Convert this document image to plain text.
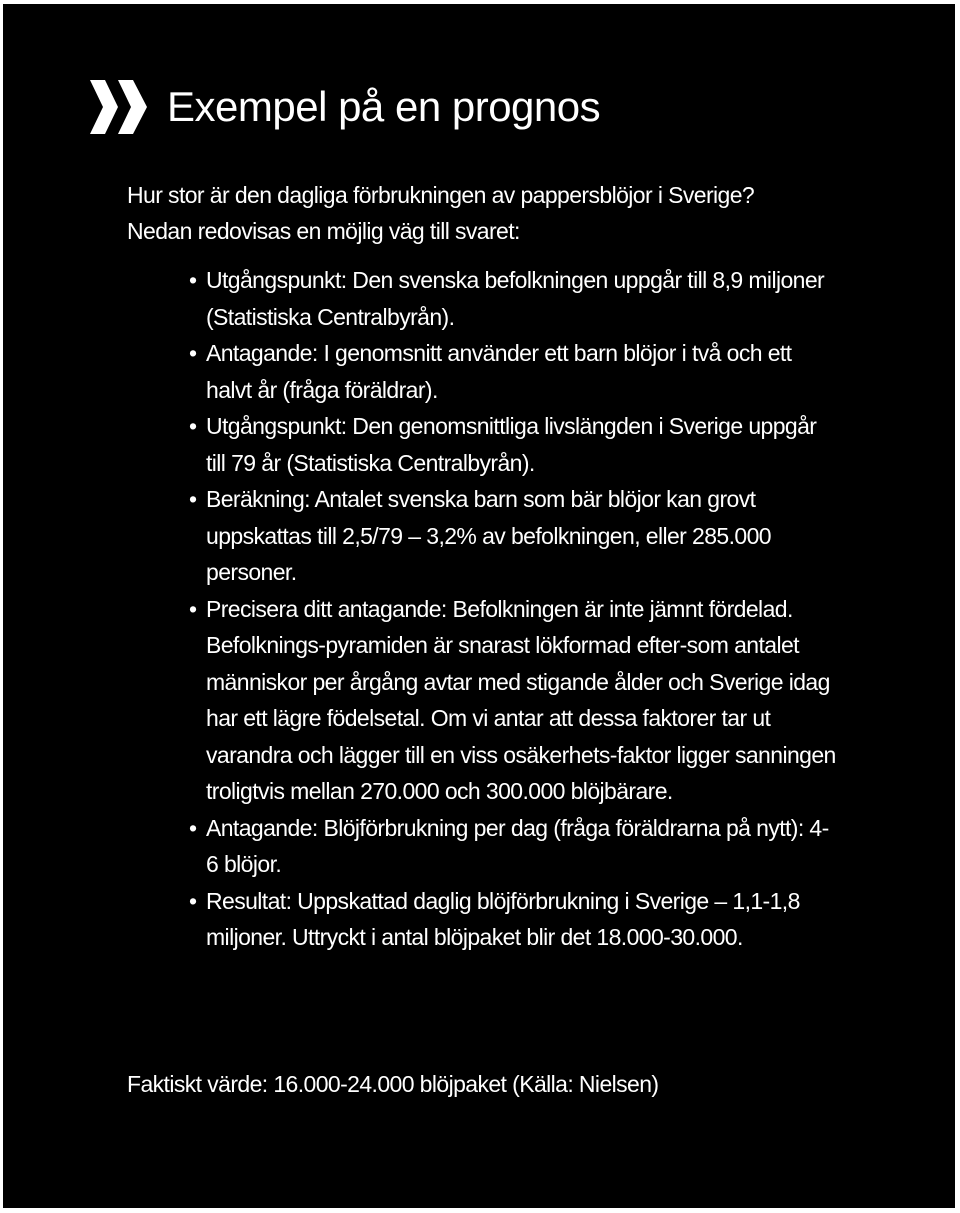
Exempel på en prognos

Hur stor är den dagliga förbrukningen av pappersblöjor i Sverige?

Nedan redovisas en möjlig väg till svaret:

• Utgångspunkt: Den svenska befolkningen uppgår till 8,9 miljoner (Statistiska Centralbyrån).
• Antagande: I genomsnitt använder ett barn blöjor i två och ett halvt år (fråga föräldrar).
• Utgångspunkt: Den genomsnittliga livslängden i Sverige uppgår till 79 år (Statistiska Centralbyrån).
• Beräkning: Antalet svenska barn som bär blöjor kan grovt uppskattas till 2,5/79 – 3,2% av befolkningen, eller 285.000 personer.
• Precisera ditt antagande: Befolkningen är inte jämnt fördelad. Befolknings-pyramiden är snarast lökformad efter-som antalet människor per årgång avtar med stigande ålder och Sverige idag har ett lägre födelsetal. Om vi antar att dessa faktorer tar ut varandra och lägger till en viss osäkerhets-faktor ligger sanningen troligtvis mellan 270.000 och 300.000 blöjbärare.
• Antagande: Blöjförbrukning per dag (fråga föräldrarna på nytt): 4-6 blöjor.
• Resultat: Uppskattad daglig blöjförbrukning i Sverige – 1,1-1,8 miljoner. Uttryckt i antal blöjpaket blir det 18.000-30.000.

Faktiskt värde: 16.000-24.000 blöjpaket (Källa: Nielsen)
